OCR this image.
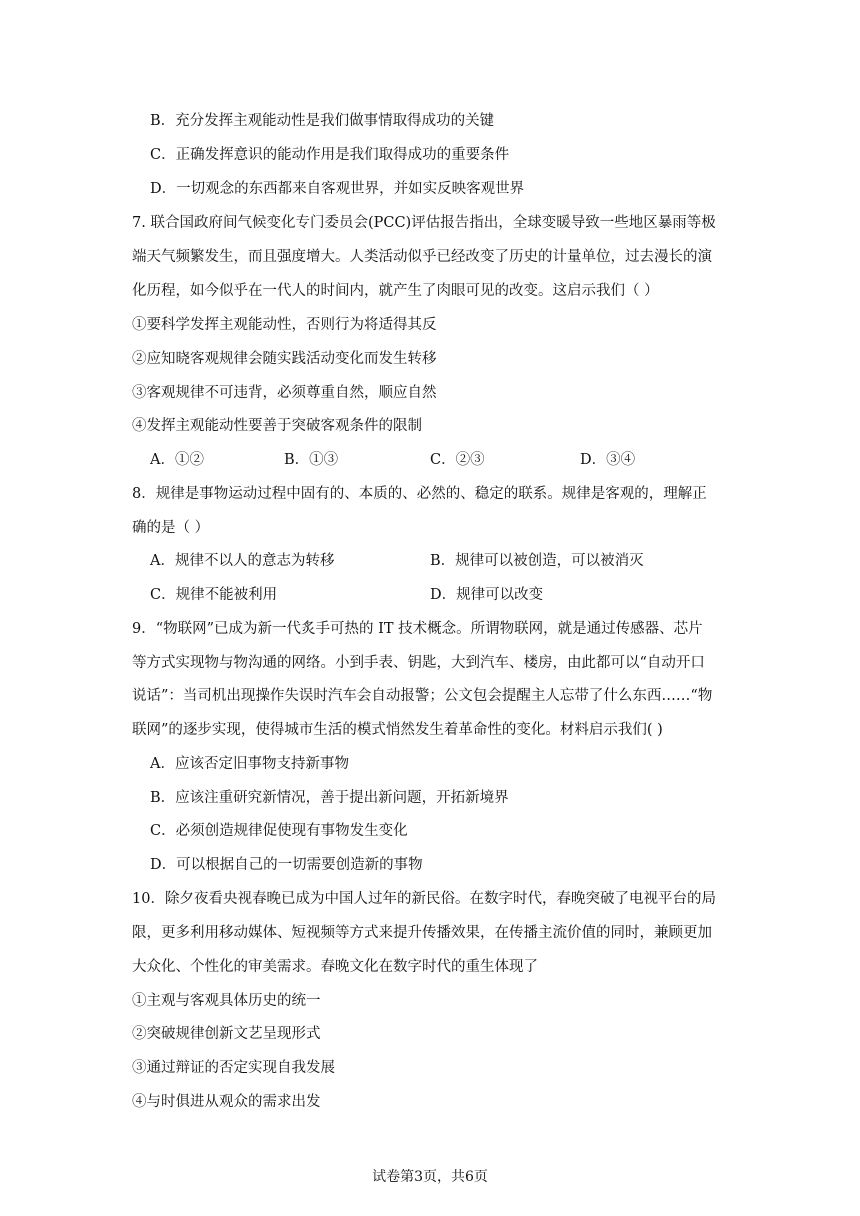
B．充分发挥主观能动性是我们做事情取得成功的关键
C．正确发挥意识的能动作用是我们取得成功的重要条件
D．一切观念的东西都来自客观世界，并如实反映客观世界
7. 联合国政府间气候变化专门委员会(PCC)评估报告指出，全球变暖导致一些地区暴雨等极
端天气频繁发生，而且强度增大。人类活动似乎已经改变了历史的计量单位，过去漫长的演
化历程，如今似乎在一代人的时间内，就产生了肉眼可见的改变。这启示我们（ ）
①要科学发挥主观能动性，否则行为将适得其反
②应知晓客观规律会随实践活动变化而发生转移
③客观规律不可违背，必须尊重自然，顺应自然
④发挥主观能动性要善于突破客观条件的限制
A．①②	B．①③	C．②③	D．③④
8．规律是事物运动过程中固有的、本质的、必然的、稳定的联系。规律是客观的，理解正
确的是（ ）
A．规律不以人的意志为转移	B．规律可以被创造，可以被消灭
C．规律不能被利用	D．规律可以改变
9．“物联网”已成为新一代炙手可热的 IT 技术概念。所谓物联网，就是通过传感器、芯片
等方式实现物与物沟通的网络。小到手表、钥匙，大到汽车、楼房，由此都可以“自动开口
说话”：当司机出现操作失误时汽车会自动报警；公文包会提醒主人忘带了什么东西……“物
联网”的逐步实现，使得城市生活的模式悄然发生着革命性的变化。材料启示我们( )
A．应该否定旧事物支持新事物
B．应该注重研究新情况，善于提出新问题，开拓新境界
C．必须创造规律促使现有事物发生变化
D．可以根据自己的一切需要创造新的事物
10．除夕夜看央视春晚已成为中国人过年的新民俗。在数字时代，春晚突破了电视平台的局
限，更多利用移动媒体、短视频等方式来提升传播效果，在传播主流价值的同时，兼顾更加
大众化、个性化的审美需求。春晚文化在数字时代的重生体现了
①主观与客观具体历史的统一
②突破规律创新文艺呈现形式
③通过辩证的否定实现自我发展
④与时俱进从观众的需求出发
试卷第3页，共6页
